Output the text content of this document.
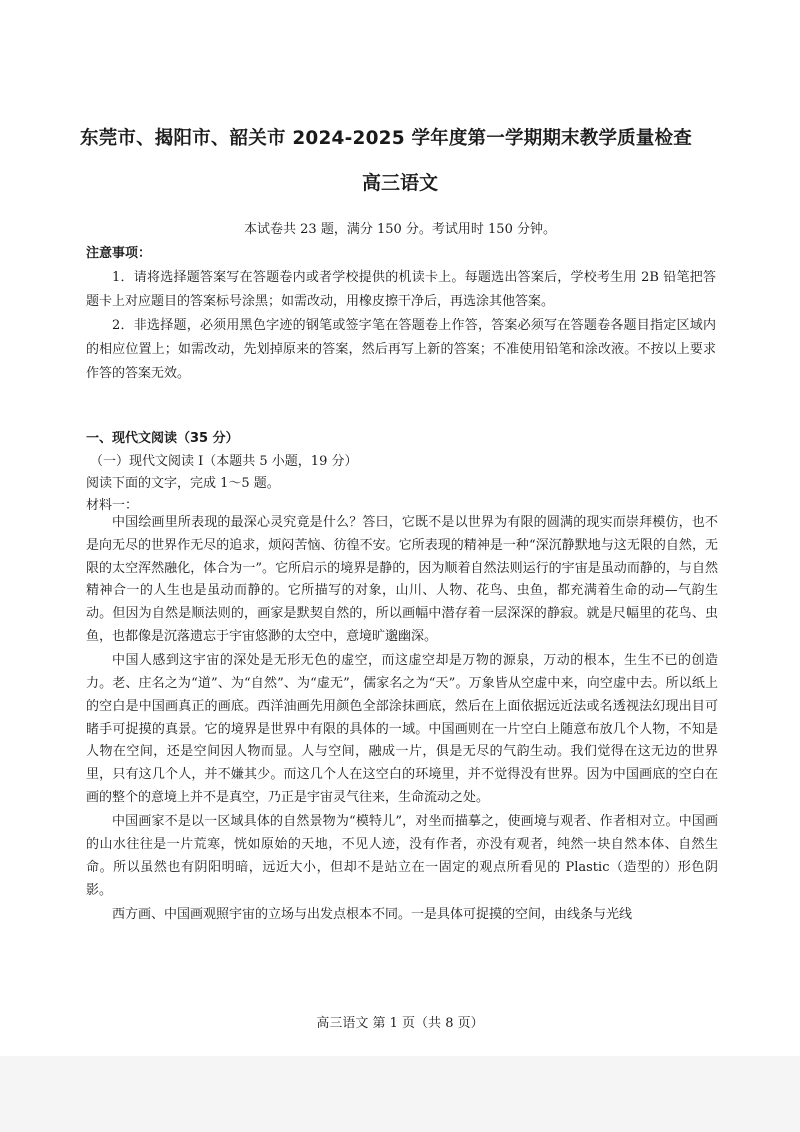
东莞市、揭阳市、韶关市 2024-2025 学年度第一学期期末教学质量检查
高三语文
本试卷共 23 题，满分 150 分。考试用时 150 分钟。
注意事项：

1．请将选择题答案写在答题卷内或者学校提供的机读卡上。每题选出答案后，学校考生用 2B 铅笔把答题卡上对应题目的答案标号涂黑；如需改动，用橡皮擦干净后，再选涂其他答案。

2．非选择题，必须用黑色字迹的钢笔或签字笔在答题卷上作答，答案必须写在答题卷各题目指定区域内的相应位置上；如需改动，先划掉原来的答案，然后再写上新的答案；不准使用铅笔和涂改液。不按以上要求作答的答案无效。

一、现代文阅读（35 分）
（一）现代文阅读 I（本题共 5 小题，19 分）
阅读下面的文字，完成 1～5 题。
材料一：

中国绘画里所表现的最深心灵究竟是什么？答曰，它既不是以世界为有限的圆满的现实而崇拜模仿，也不是向无尽的世界作无尽的追求，烦闷苦恼、彷徨不安。它所表现的精神是一种“深沉静默地与这无限的自然，无限的太空浑然融化，体合为一”。它所启示的境界是静的，因为顺着自然法则运行的宇宙是虽动而静的，与自然精神合一的人生也是虽动而静的。它所描写的对象，山川、人物、花鸟、虫鱼，都充满着生命的动—气韵生动。但因为自然是顺法则的，画家是默契自然的，所以画幅中潜存着一层深深的静寂。就是尺幅里的花鸟、虫鱼，也都像是沉落遗忘于宇宙悠渺的太空中，意境旷邈幽深。

中国人感到这宇宙的深处是无形无色的虚空，而这虚空却是万物的源泉，万动的根本，生生不已的创造力。老、庄名之为“道”、为“自然”、为“虚无”，儒家名之为“天”。万象皆从空虚中来，向空虚中去。所以纸上的空白是中国画真正的画底。西洋油画先用颜色全部涂抹画底，然后在上面依据远近法或名透视法幻现出目可睹手可捉摸的真景。它的境界是世界中有限的具体的一域。中国画则在一片空白上随意布放几个人物，不知是人物在空间，还是空间因人物而显。人与空间，融成一片，俱是无尽的气韵生动。我们觉得在这无边的世界里，只有这几个人，并不嫌其少。而这几个人在这空白的环境里，并不觉得没有世界。因为中国画底的空白在画的整个的意境上并不是真空，乃正是宇宙灵气往来，生命流动之处。

中国画家不是以一区域具体的自然景物为“模特儿”，对坐而描摹之，使画境与观者、作者相对立。中国画的山水往往是一片荒寒，恍如原始的天地，不见人迹，没有作者，亦没有观者，纯然一块自然本体、自然生命。所以虽然也有阴阳明暗，远近大小，但却不是站立在一固定的观点所看见的 Plastic（造型的）形色阴影。

西方画、中国画观照宇宙的立场与出发点根本不同。一是具体可捉摸的空间，由线条与光线

高三语文 第 1 页（共 8 页）
